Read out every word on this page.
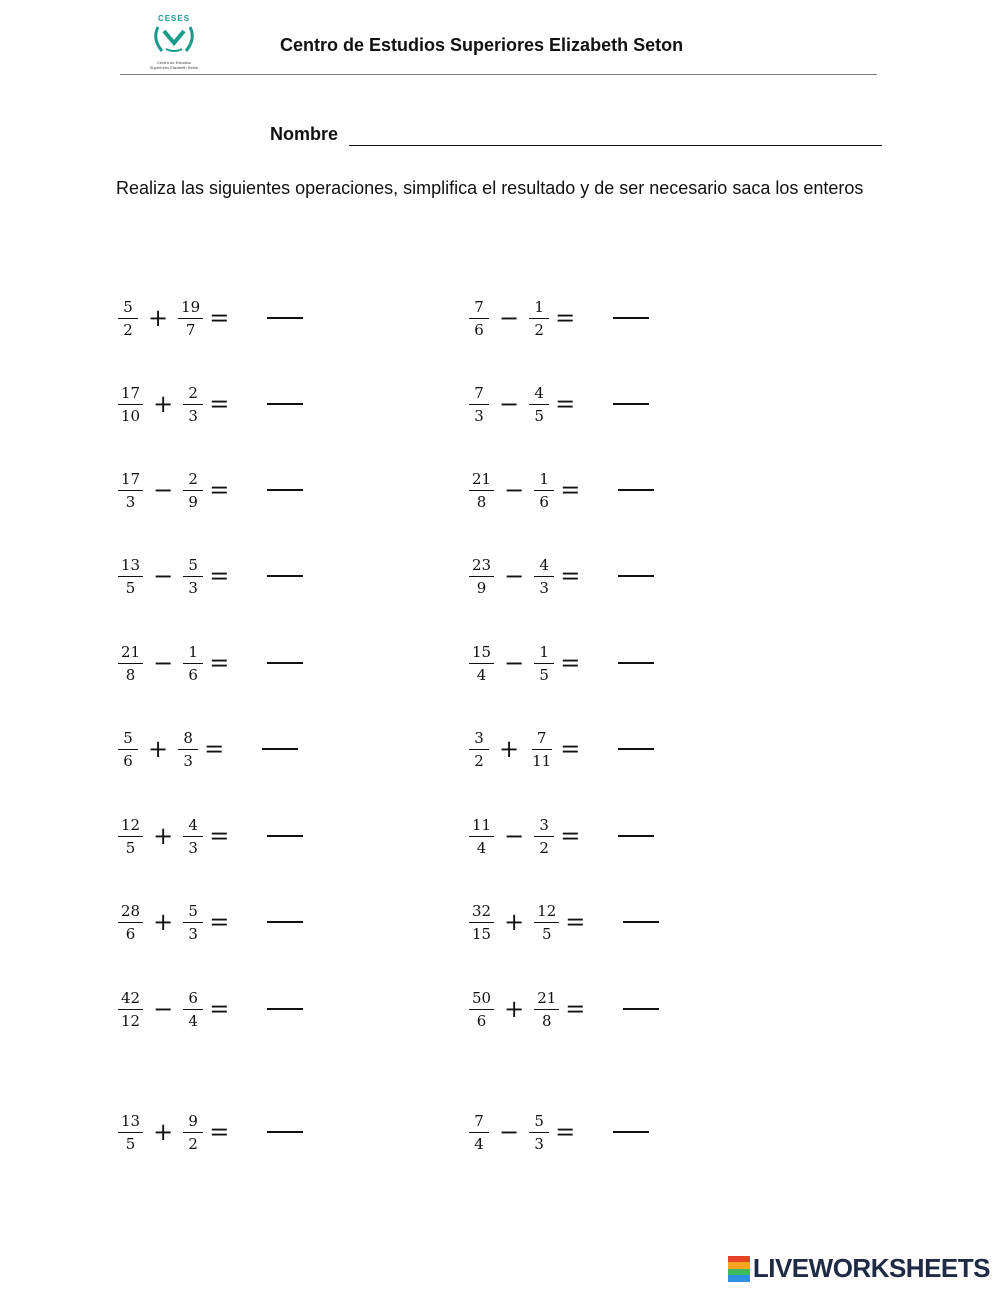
CESES
Centro de Estudios Superiores Elizabeth Seton
Centro de Estudios Superiores Elizabeth Seton
Nombre
Realiza las siguientes operaciones, simplifica el resultado y de ser necesario saca los enteros
$\frac{5}{2} + \frac{19}{7}$ =
$\frac{17}{10} + \frac{2}{3}$ =
$\frac{17}{3} - \frac{2}{9}$ =
$\frac{13}{5} - \frac{5}{3}$ =
$\frac{21}{8} - \frac{1}{6}$ =
$\frac{5}{6} + \frac{8}{3}$ =
$\frac{12}{5} + \frac{4}{3}$ =
$\frac{28}{6} + \frac{5}{3}$ =
$\frac{42}{12} - \frac{6}{4}$ =
$\frac{13}{5} + \frac{9}{2}$ =
$\frac{7}{6} - \frac{1}{2}$ =
$\frac{7}{3} - \frac{4}{5}$ =
$\frac{21}{8} - \frac{1}{6}$ =
$\frac{23}{9} - \frac{4}{3}$ =
$\frac{15}{4} - \frac{1}{5}$ =
$\frac{3}{2} + \frac{7}{11}$ =
$\frac{11}{4} - \frac{3}{2}$ =
$\frac{32}{15} + \frac{12}{5}$ =
$\frac{50}{6} + \frac{21}{8}$ =
$\frac{7}{4} - \frac{5}{3}$ =
LIVEWORKSHEETS
